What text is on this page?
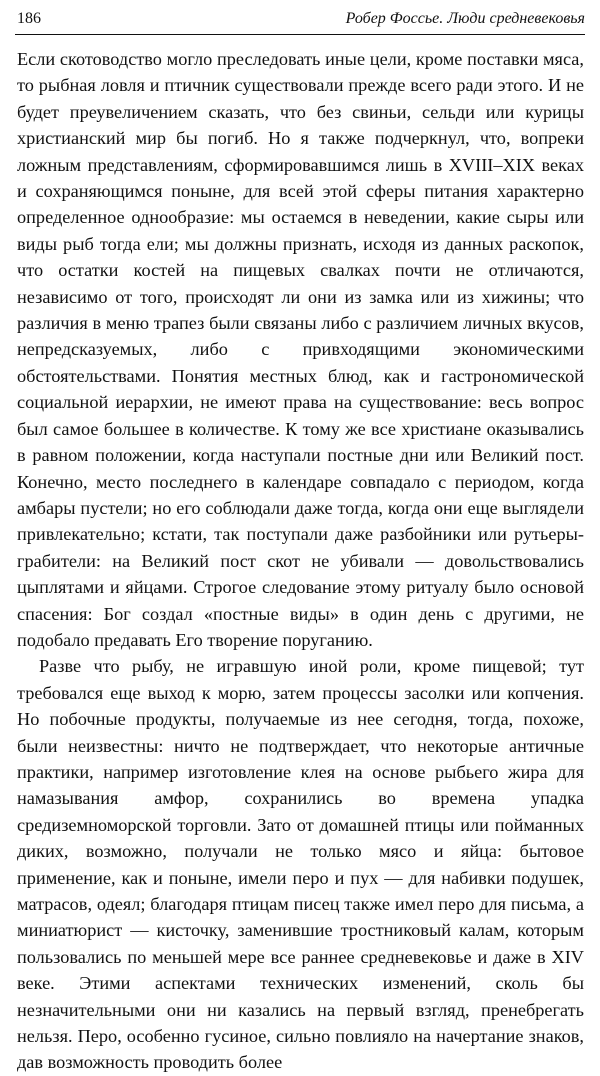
186	Робер Фоссье. Люди средневековья

Если скотоводство могло преследовать иные цели, кроме поставки мяса, то рыбная ловля и птичник существовали прежде всего ради этого. И не будет преувеличением сказать, что без свиньи, сельди или курицы христианский мир бы погиб. Но я также подчеркнул, что, вопреки ложным представлениям, сформировавшимся лишь в XVIII–XIX веках и сохраняющимся поныне, для всей этой сферы питания характерно определенное однообразие: мы остаемся в неведении, какие сыры или виды рыб тогда ели; мы должны признать, исходя из данных раскопок, что остатки костей на пищевых свалках почти не отличаются, независимо от того, происходят ли они из замка или из хижины; что различия в меню трапез были связаны либо с различием личных вкусов, непредсказуемых, либо с привходящими экономическими обстоятельствами. Понятия местных блюд, как и гастрономической социальной иерархии, не имеют права на существование: весь вопрос был самое большее в количестве. К тому же все христиане оказывались в равном положении, когда наступали постные дни или Великий пост. Конечно, место последнего в календаре совпадало с периодом, когда амбары пустели; но его соблюдали даже тогда, когда они еще выглядели привлекательно; кстати, так поступали даже разбойники или рутьеры-грабители: на Великий пост скот не убивали — довольствовались цыплятами и яйцами. Строгое следование этому ритуалу было основой спасения: Бог создал «постные виды» в один день с другими, не подобало предавать Его творение поруганию.

Разве что рыбу, не игравшую иной роли, кроме пищевой; тут требовался еще выход к морю, затем процессы засолки или копчения. Но побочные продукты, получаемые из нее сегодня, тогда, похоже, были неизвестны: ничто не подтверждает, что некоторые античные практики, например изготовление клея на основе рыбьего жира для намазывания амфор, сохранились во времена упадка средиземноморской торговли. Зато от домашней птицы или пойманных диких, возможно, получали не только мясо и яйца: бытовое применение, как и поныне, имели перо и пух — для набивки подушек, матрасов, одеял; благодаря птицам писец также имел перо для письма, а миниатюрист — кисточку, заменившие тростниковый калам, которым пользовались по меньшей мере все раннее средневековье и даже в XIV веке. Этими аспектами технических изменений, сколь бы незначительными они ни казались на первый взгляд, пренебрегать нельзя. Перо, особенно гусиное, сильно повлияло на начертание знаков, дав возможность проводить более
